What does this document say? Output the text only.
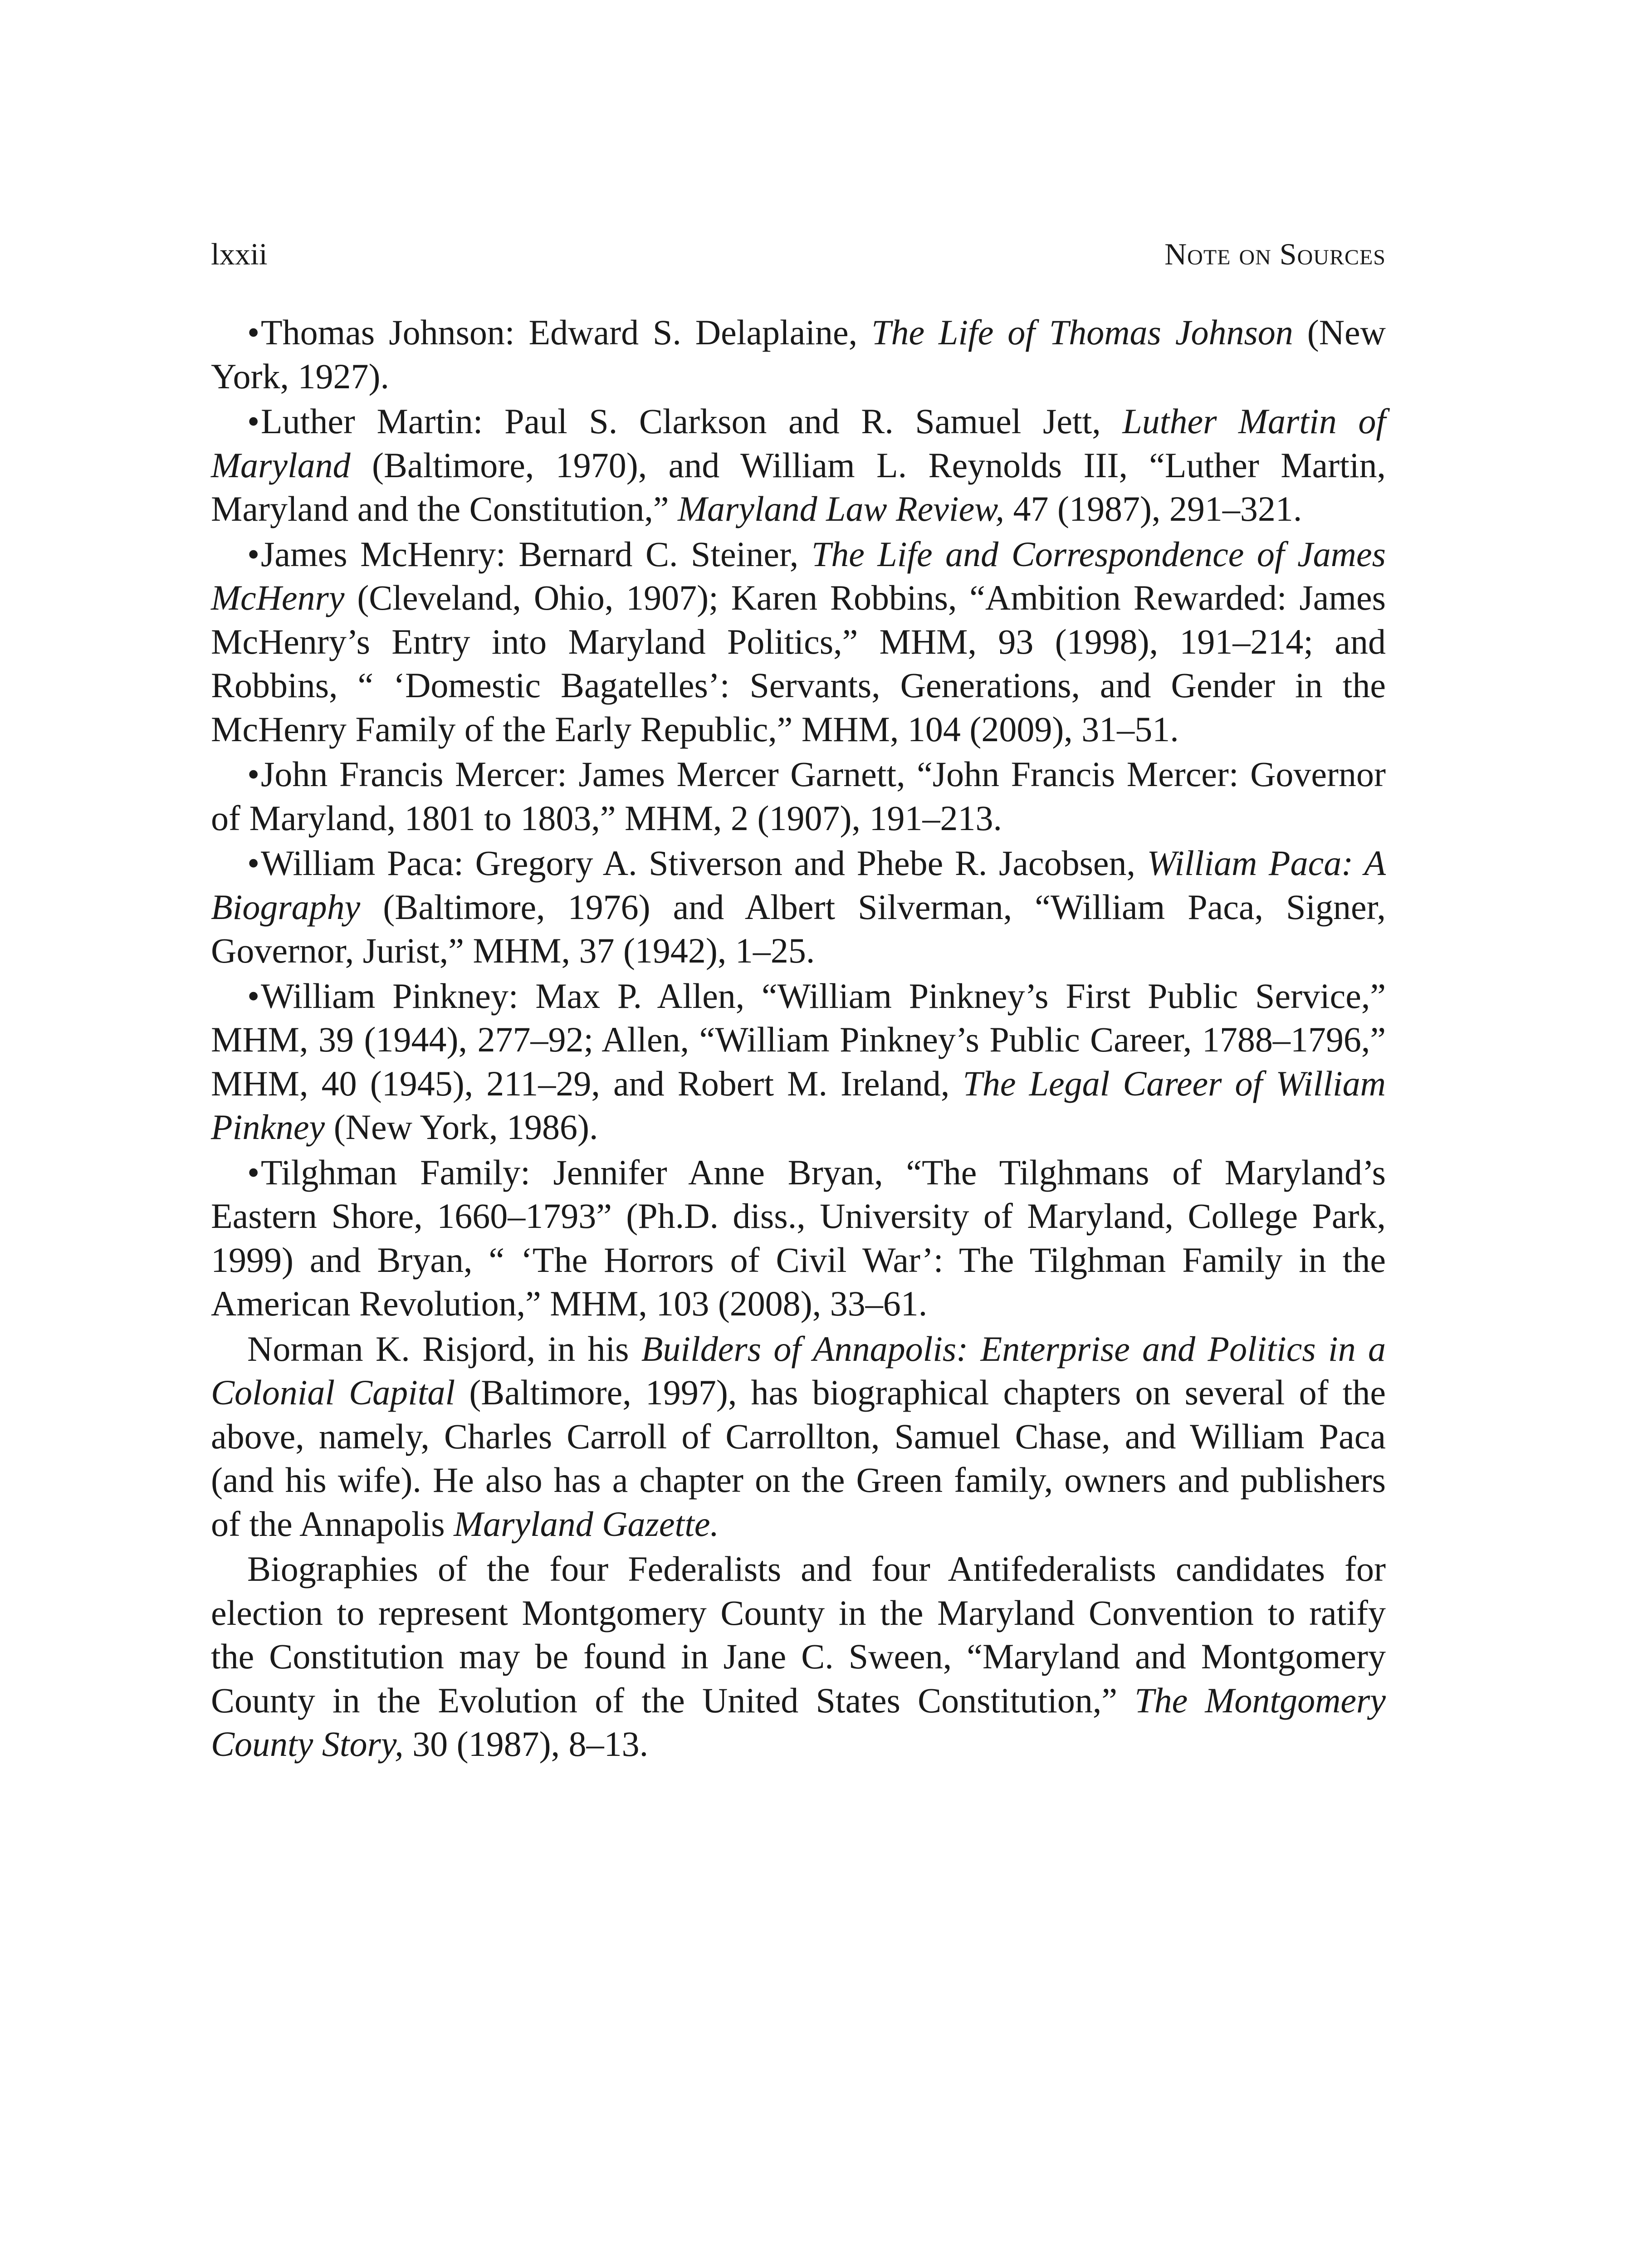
lxxii	Note on Sources

•Thomas Johnson: Edward S. Delaplaine, The Life of Thomas Johnson (New York, 1927).

•Luther Martin: Paul S. Clarkson and R. Samuel Jett, Luther Martin of Maryland (Baltimore, 1970), and William L. Reynolds III, “Luther Martin, Maryland and the Constitution,” Maryland Law Review, 47 (1987), 291–321.

•James McHenry: Bernard C. Steiner, The Life and Correspondence of James McHenry (Cleveland, Ohio, 1907); Karen Robbins, “Ambition Rewarded: James McHenry’s Entry into Maryland Politics,” MHM, 93 (1998), 191–214; and Robbins, “ ‘Domestic Bagatelles’: Servants, Generations, and Gender in the McHenry Family of the Early Republic,” MHM, 104 (2009), 31–51.

•John Francis Mercer: James Mercer Garnett, “John Francis Mercer: Governor of Maryland, 1801 to 1803,” MHM, 2 (1907), 191–213.

•William Paca: Gregory A. Stiverson and Phebe R. Jacobsen, William Paca: A Biography (Baltimore, 1976) and Albert Silverman, “William Paca, Signer, Governor, Jurist,” MHM, 37 (1942), 1–25.

•William Pinkney: Max P. Allen, “William Pinkney’s First Public Service,” MHM, 39 (1944), 277–92; Allen, “William Pinkney’s Public Career, 1788–1796,” MHM, 40 (1945), 211–29, and Robert M. Ireland, The Legal Career of William Pinkney (New York, 1986).

•Tilghman Family: Jennifer Anne Bryan, “The Tilghmans of Maryland’s Eastern Shore, 1660–1793” (Ph.D. diss., University of Maryland, College Park, 1999) and Bryan, “ ‘The Horrors of Civil War’: The Tilghman Family in the American Revolution,” MHM, 103 (2008), 33–61.

Norman K. Risjord, in his Builders of Annapolis: Enterprise and Politics in a Colonial Capital (Baltimore, 1997), has biographical chapters on several of the above, namely, Charles Carroll of Carrollton, Samuel Chase, and William Paca (and his wife). He also has a chapter on the Green family, owners and publishers of the Annapolis Maryland Gazette.

Biographies of the four Federalists and four Antifederalists candidates for election to represent Montgomery County in the Maryland Convention to ratify the Constitution may be found in Jane C. Sween, “Maryland and Montgomery County in the Evolution of the United States Constitution,” The Montgomery County Story, 30 (1987), 8–13.
